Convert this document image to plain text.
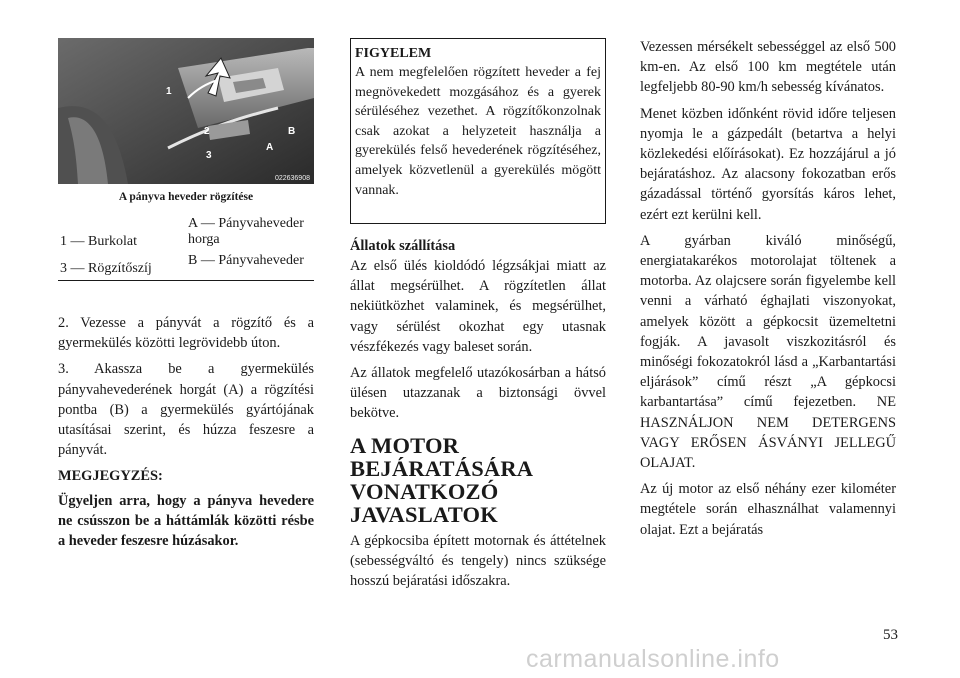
1
2
3
A
B
022636908
A pányva heveder rögzítése
1 — Burkolat
A — Pányvaheveder horga
3 — Rögzítőszíj
B — Pányvaheveder

2. Vezesse a pányvát a rögzítő és a gyermekülés közötti legrövidebb úton.

3. Akassza be a gyermekülés pányvahevederének horgát (A) a rögzítési pontba (B) a gyermekülés gyártójának utasításai szerint, és húzza feszesre a pányvát.

MEGJEGYZÉS:

Ügyeljen arra, hogy a pányva hevedere ne csússzon be a háttámlák közötti résbe a heveder feszesre húzásakor.

FIGYELEM

A nem megfelelően rögzített heveder a fej megnövekedett mozgásához és a gyerek sérüléséhez vezethet. A rögzítőkonzolnak csak azokat a helyzeteit használja a gyerekülés felső hevederének rögzítéséhez, amelyek közvetlenül a gyerekülés mögött vannak.

Állatok szállítása

Az első ülés kioldódó légzsákjai miatt az állat megsérülhet. A rögzítetlen állat nekiütközhet valaminek, és megsérülhet, vagy sérülést okozhat egy utasnak vészfékezés vagy baleset során.

Az állatok megfelelő utazókosárban a hátsó ülésen utazzanak a biztonsági övvel bekötve.

A MOTOR
BEJÁRATÁSÁRA
VONATKOZÓ
JAVASLATOK

A gépkocsiba épített motornak és áttételnek (sebességváltó és tengely) nincs szüksége hosszú bejáratási időszakra.

Vezessen mérsékelt sebességgel az első 500 km-en. Az első 100 km megtétele után legfeljebb 80-90 km/h sebesség kívánatos.

Menet közben időnként rövid időre teljesen nyomja le a gázpedált (betartva a helyi közlekedési előírásokat). Ez hozzájárul a jó bejáratáshoz. Az alacsony fokozatban erős gázadással történő gyorsítás káros lehet, ezért ezt kerülni kell.

A gyárban kiváló minőségű, energiatakarékos motorolajat töltenek a motorba. Az olajcsere során figyelembe kell venni a várható éghajlati viszonyokat, amelyek között a gépkocsit üzemeltetni fogják. A javasolt viszkozitásról és minőségi fokozatokról lásd a „Karbantartási eljárások” című részt „A gépkocsi karbantartása” című fejezetben. NE HASZNÁLJON NEM DETERGENS VAGY ERŐSEN ÁSVÁNYI JELLEGŰ OLAJAT.

Az új motor az első néhány ezer kilométer megtétele során elhasználhat valamennyi olajat. Ezt a bejáratás

53
carmanualsonline.info
